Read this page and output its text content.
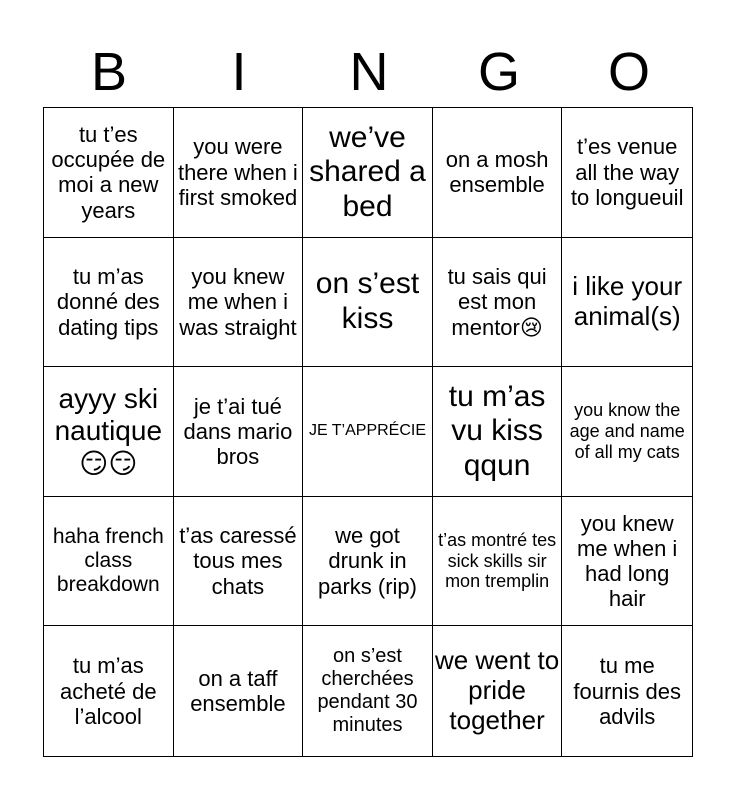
B	I	N	G	O
tu t’es occupée de moi a new years
you were there when i first smoked
we’ve shared a bed
on a mosh ensemble
t’es venue all the way to longueuil
tu m’as donné des dating tips
you knew me when i was straight
on s’est kiss
tu sais qui est mon mentor😢
i like your animal(s)
ayyy ski nautique 😏😏
je t’ai tué dans mario bros
JE T’APPRÉCIE
tu m’as vu kiss qqun
you know the age and name of all my cats
haha french class breakdown
t’as caressé tous mes chats
we got drunk in parks (rip)
t’as montré tes sick skills sir mon tremplin
you knew me when i had long hair
tu m’as acheté de l’alcool
on a taff ensemble
on s’est cherchées pendant 30 minutes
we went to pride together
tu me fournis des advils
